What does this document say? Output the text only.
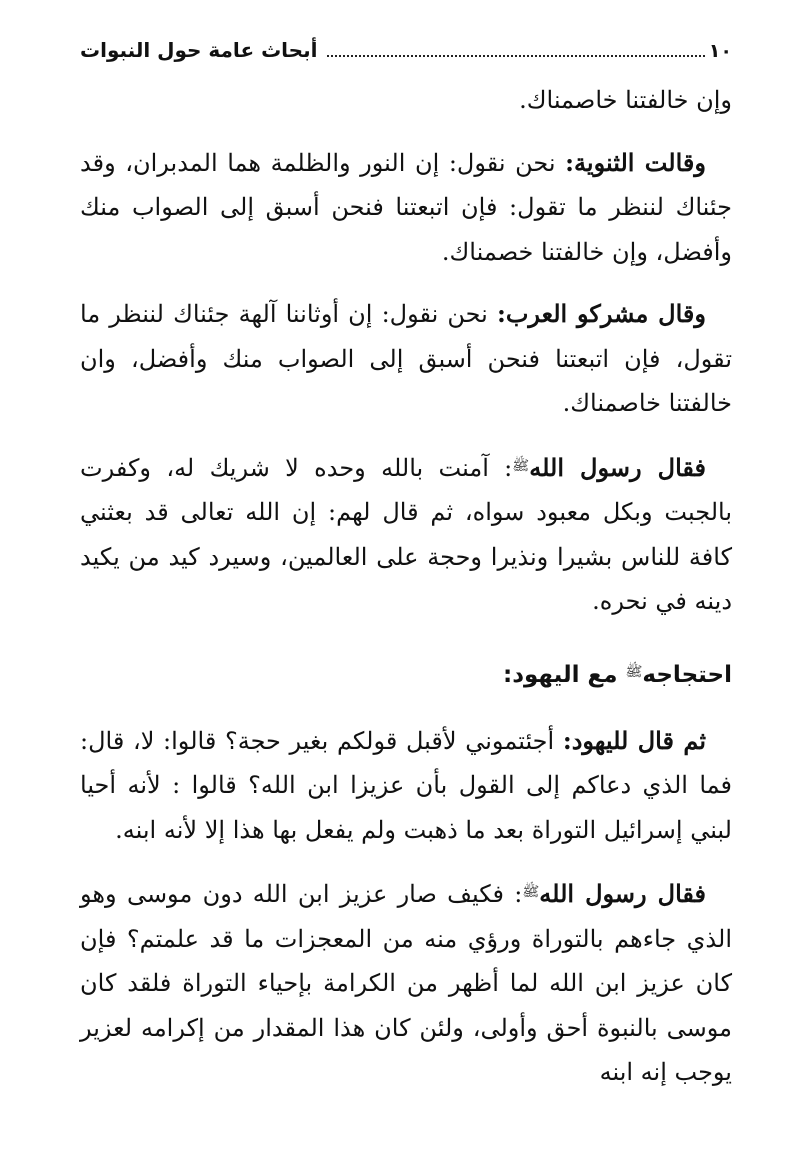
١٠
أبحاث عامة حول النبوات

وإن خالفتنا خاصمناك.

وقالت الثنوية: نحن نقول: إن النور والظلمة هما المدبران، وقد جئناك لننظر ما تقول: فإن اتبعتنا فنحن أسبق إلى الصواب منك وأفضل، وإن خالفتنا خصمناك.

وقال مشركو العرب: نحن نقول: إن أوثاننا آلهة جئناك لننظر ما تقول، فإن اتبعتنا فنحن أسبق إلى الصواب منك وأفضل، وان خالفتنا خاصمناك.

فقال رسول الله$^ﷺ$: آمنت بالله وحده لا شريك له، وكفرت بالجبت وبكل معبود سواه، ثم قال لهم: إن الله تعالى قد بعثني كافة للناس بشيرا ونذيرا وحجة على العالمين، وسيرد كيد من يكيد دينه في نحره.

احتجاجه$^ﷺ$ مع اليهود:

ثم قال لليهود: أجئتموني لأقبل قولكم بغير حجة؟ قالوا: لا، قال: فما الذي دعاكم إلى القول بأن عزيزا ابن الله؟ قالوا : لأنه أحيا لبني إسرائيل التوراة بعد ما ذهبت ولم يفعل بها هذا إلا لأنه ابنه.

فقال رسول الله$^ﷺ$: فكيف صار عزيز ابن الله دون موسى وهو الذي جاءهم بالتوراة ورؤي منه من المعجزات ما قد علمتم؟ فإن كان عزيز ابن الله لما أظهر من الكرامة بإحياء التوراة فلقد كان موسى بالنبوة أحق وأولى، ولئن كان هذا المقدار من إكرامه لعزير يوجب إنه ابنه
